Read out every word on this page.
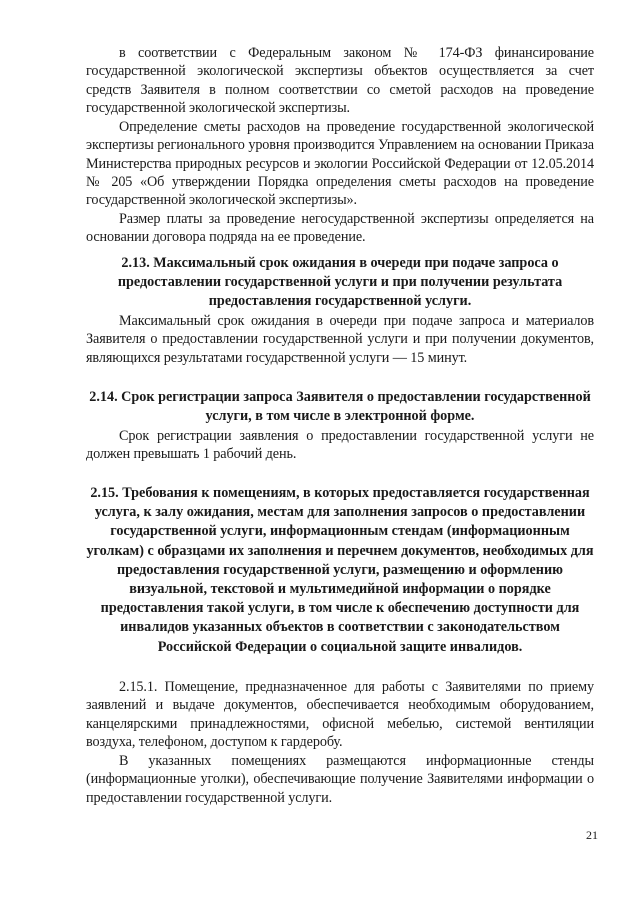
в соответствии с Федеральным законом № 174-ФЗ финансирование государственной экологической экспертизы объектов осуществляется за счет средств Заявителя в полном соответствии со сметой расходов на проведение государственной экологической экспертизы.

Определение сметы расходов на проведение государственной экологической экспертизы регионального уровня производится Управлением на основании Приказа Министерства природных ресурсов и экологии Российской Федерации от 12.05.2014 № 205 «Об утверждении Порядка определения сметы расходов на проведение государственной экологической экспертизы».

Размер платы за проведение негосударственной экспертизы определяется на основании договора подряда на ее проведение.

2.13. Максимальный срок ожидания в очереди при подаче запроса о предоставлении государственной услуги и при получении результата предоставления государственной услуги.

Максимальный срок ожидания в очереди при подаче запроса и материалов Заявителя о предоставлении государственной услуги и при получении документов, являющихся результатами государственной услуги — 15 минут.

2.14. Срок регистрации запроса Заявителя о предоставлении государственной услуги, в том числе в электронной форме.

Срок регистрации заявления о предоставлении государственной услуги не должен превышать 1 рабочий день.

2.15. Требования к помещениям, в которых предоставляется государственная услуга, к залу ожидания, местам для заполнения запросов о предоставлении государственной услуги, информационным стендам (информационным уголкам) с образцами их заполнения и перечнем документов, необходимых для предоставления государственной услуги, размещению и оформлению визуальной, текстовой и мультимедийной информации о порядке предоставления такой услуги, в том числе к обеспечению доступности для инвалидов указанных объектов в соответствии с законодательством Российской Федерации о социальной защите инвалидов.

2.15.1. Помещение, предназначенное для работы с Заявителями по приему заявлений и выдаче документов, обеспечивается необходимым оборудованием, канцелярскими принадлежностями, офисной мебелью, системой вентиляции воздуха, телефоном, доступом к гардеробу.

В указанных помещениях размещаются информационные стенды (информационные уголки), обеспечивающие получение Заявителями информации о предоставлении государственной услуги.

21
